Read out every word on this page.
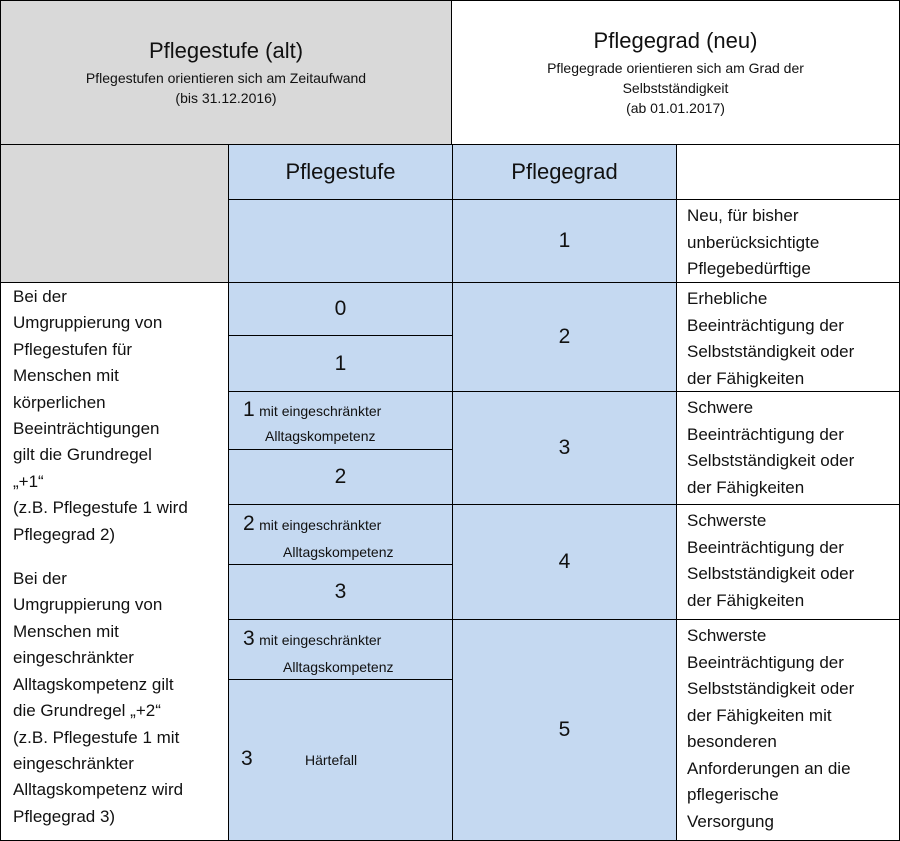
Pflegestufe (alt)
Pflegestufen orientieren sich am Zeitaufwand
(bis 31.12.2016)
Pflegegrad (neu)
Pflegegrade orientieren sich am Grad der
Selbstständigkeit
(ab 01.01.2017)
Pflegestufe	Pflegegrad
1
Neu, für bisher
unberücksichtigte
Pflegebedürftige
Bei der
Umgruppierung von
Pflegestufen für
Menschen mit
körperlichen
Beeinträchtigungen
gilt die Grundregel
„+1“
(z.B. Pflegestufe 1 wird
Pflegegrad 2)
Bei der
Umgruppierung von
Menschen mit
eingeschränkter
Alltagskompetenz gilt
die Grundregel „+2“
(z.B. Pflegestufe 1 mit
eingeschränkter
Alltagskompetenz wird
Pflegegrad 3)
0
1
1 mit eingeschränkter
Alltagskompetenz
2
2 mit eingeschränkter
Alltagskompetenz
3
3 mit eingeschränkter
Alltagskompetenz
3	Härtefall
2
3
4
5
Erhebliche
Beeinträchtigung der
Selbstständigkeit oder
der Fähigkeiten
Schwere
Beeinträchtigung der
Selbstständigkeit oder
der Fähigkeiten
Schwerste
Beeinträchtigung der
Selbstständigkeit oder
der Fähigkeiten
Schwerste
Beeinträchtigung der
Selbstständigkeit oder
der Fähigkeiten mit
besonderen
Anforderungen an die
pflegerische
Versorgung
